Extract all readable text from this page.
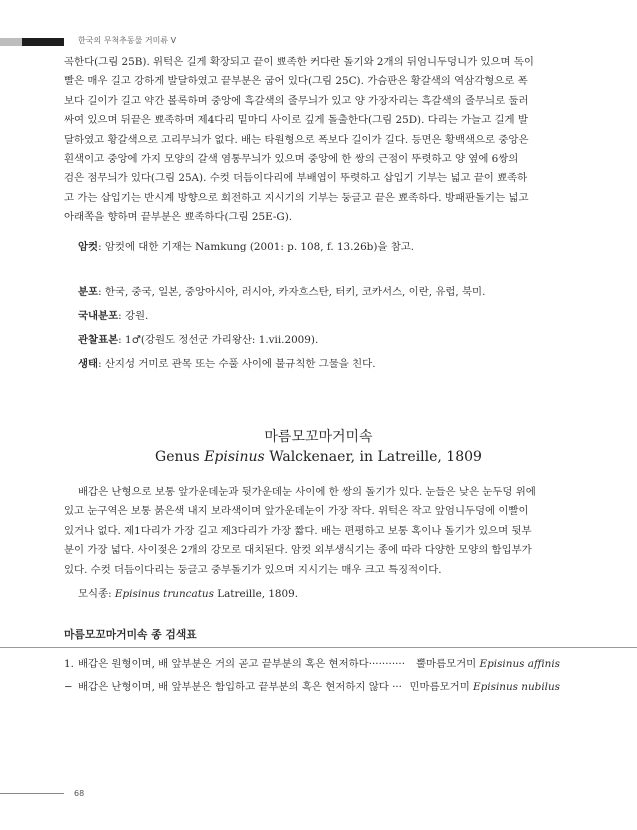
한국의 무척추동물 거미류 V
곡한다(그림 25B). 위턱은 길게 확장되고 끝이 뾰족한 커다란 돌기와 2개의 뒤엄니두덩니가 있으며 독이
빨은 매우 길고 강하게 발달하였고 끝부분은 굽어 있다(그림 25C). 가슴판은 황갈색의 역삼각형으로 폭
보다 길이가 길고 약간 볼록하며 중앙에 흑갈색의 줄무늬가 있고 양 가장자리는 흑갈색의 줄무늬로 둘러
싸여 있으며 뒤끝은 뾰족하며 제4다리 밑마디 사이로 깊게 돌출한다(그림 25D). 다리는 가늘고 길게 발
달하였고 황갈색으로 고리무늬가 없다. 배는 타원형으로 폭보다 길이가 길다. 등면은 황백색으로 중앙은
흰색이고 중앙에 가지 모양의 갈색 염통무늬가 있으며 중앙에 한 쌍의 근점이 뚜렷하고 양 옆에 6쌍의
검은 점무늬가 있다(그림 25A). 수컷 더듬이다리에 부배엽이 뚜렷하고 삽입기 기부는 넓고 끝이 뾰족하
고 가는 삽입기는 반시계 방향으로 회전하고 지시기의 기부는 둥글고 끝은 뾰족하다. 방패판돌기는 넓고
아래쪽을 향하며 끝부분은 뾰족하다(그림 25E-G).
암컷: 암컷에 대한 기재는 Namkung (2001: p. 108, f. 13.26b)을 참고.
분포: 한국, 중국, 일본, 중앙아시아, 러시아, 카자흐스탄, 터키, 코카서스, 이란, 유럽, 북미.
국내분포: 강원.
관찰표본: 1♂(강원도 정선군 가리왕산: 1.vii.2009).
생태: 산지성 거미로 관목 또는 수풀 사이에 불규칙한 그물을 친다.
마름모꼬마거미속
Genus Episinus Walckenaer, in Latreille, 1809
배갑은 난형으로 보통 앞가운데눈과 뒷가운데눈 사이에 한 쌍의 돌기가 있다. 눈들은 낮은 눈두덩 위에
있고 눈구역은 보통 붉은색 내지 보라색이며 앞가운데눈이 가장 작다. 위턱은 작고 앞엄니두덩에 이빨이
있거나 없다. 제1다리가 가장 길고 제3다리가 가장 짧다. 배는 편평하고 보통 혹이나 돌기가 있으며 뒷부
분이 가장 넓다. 사이젖은 2개의 강모로 대치된다. 암컷 외부생식기는 종에 따라 다양한 모양의 함입부가
있다. 수컷 더듬이다리는 둥글고 중부돌기가 있으며 지시기는 매우 크고 특징적이다.
모식종: Episinus truncatus Latreille, 1809.
마름모꼬마거미속 종 검색표
1. 배갑은 원형이며, 배 앞부분은 거의 곧고 끝부분의 혹은 현저하다··········· 뿔마름모거미 Episinus affinis
− 배갑은 난형이며, 배 앞부분은 함입하고 끝부분의 혹은 현저하지 않다 ··· 민마름모거미 Episinus nubilus
68
